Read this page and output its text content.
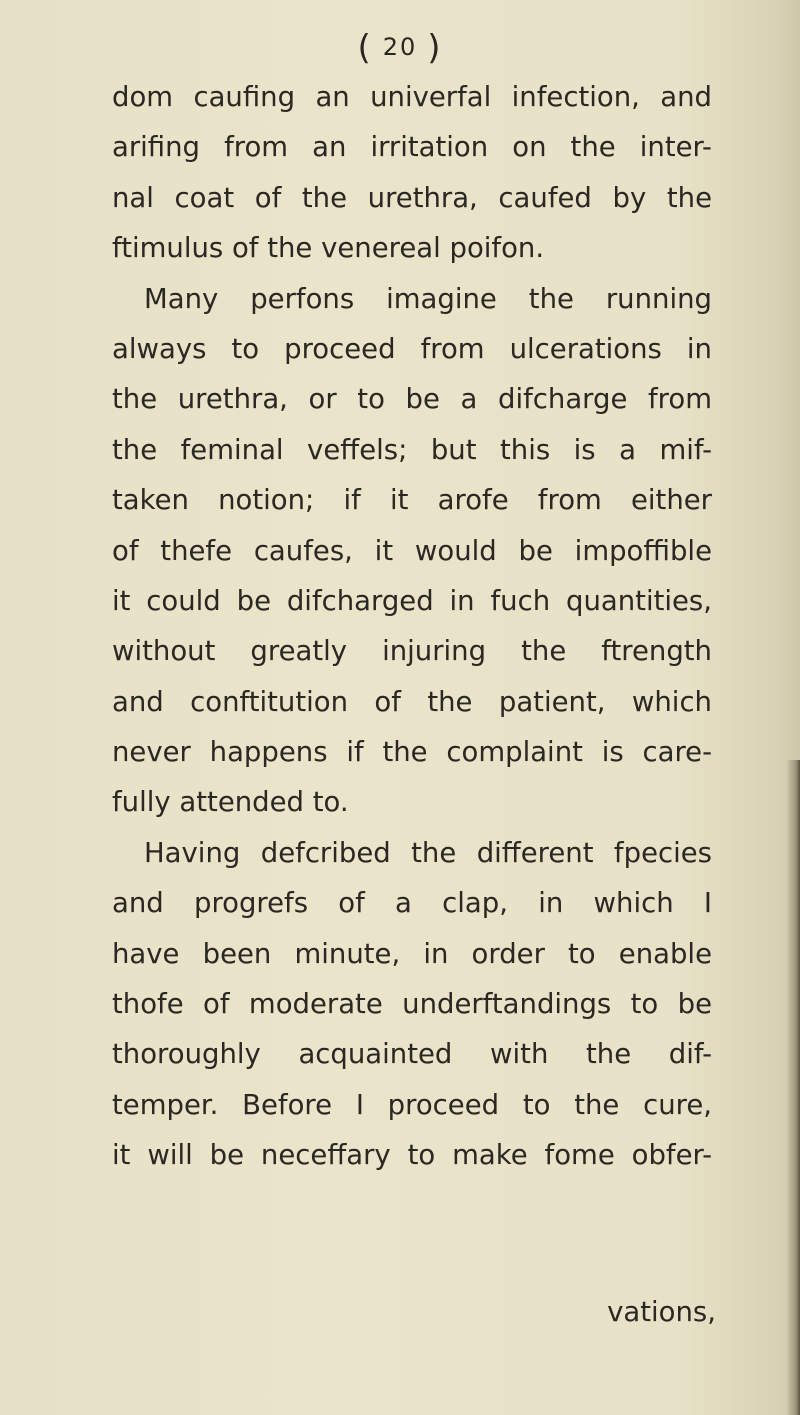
( 20 )
dom caufing an univerfal infection, and
arifing from an irritation on the inter-
nal coat of the urethra, caufed by the
ftimulus of the venereal poifon.
Many perfons imagine the running
always to proceed from ulcerations in
the urethra, or to be a difcharge from
the feminal veffels; but this is a mif-
taken notion; if it arofe from either
of thefe caufes, it would be impoffible
it could be difcharged in fuch quantities,
without greatly injuring the ftrength
and conftitution of the patient, which
never happens if the complaint is care-
fully attended to.
Having defcribed the different fpecies
and progrefs of a clap, in which I
have been minute, in order to enable
thofe of moderate underftandings to be
thoroughly acquainted with the dif-
temper. Before I proceed to the cure,
it will be neceffary to make fome obfer-
vations,
